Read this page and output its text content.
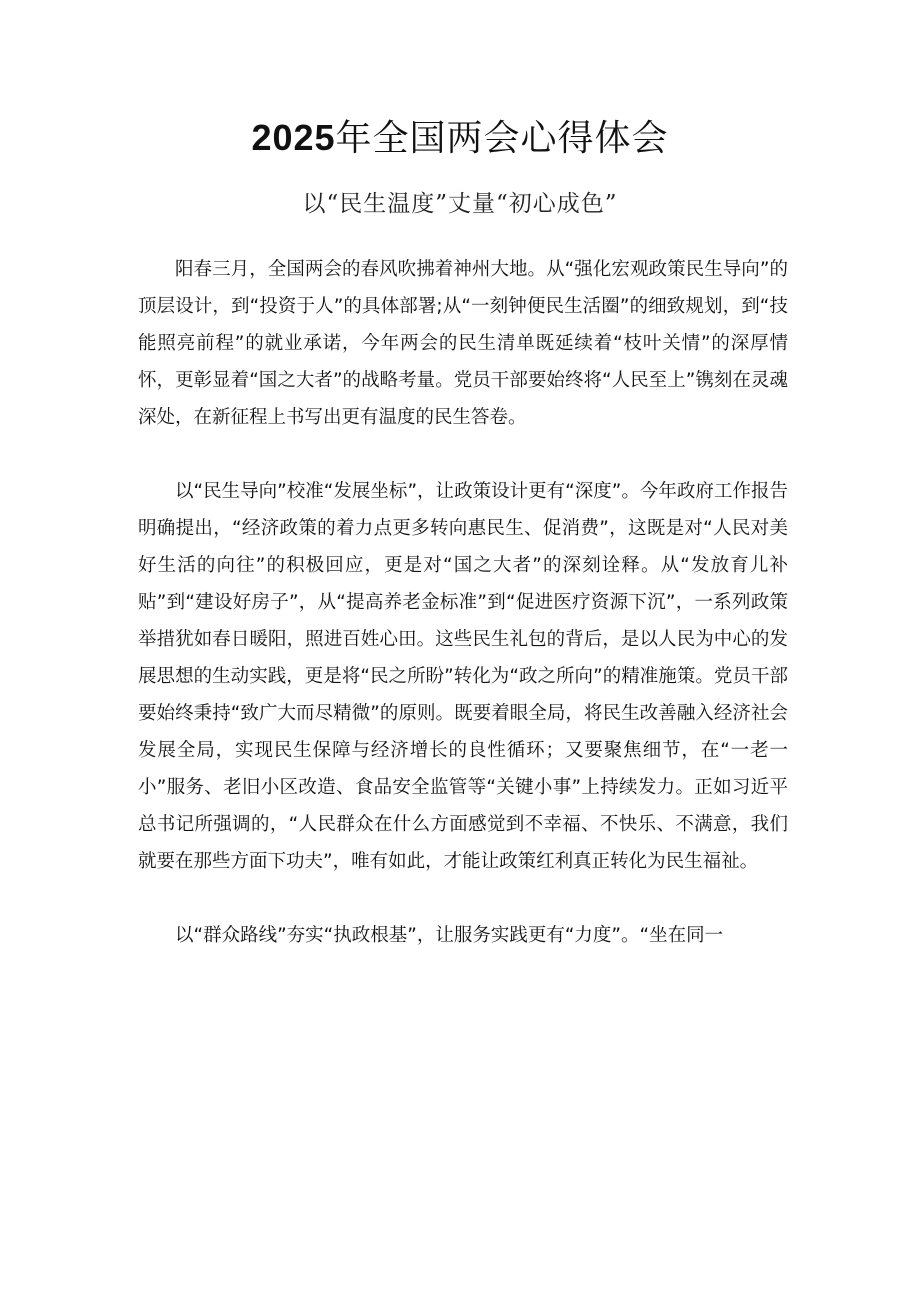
2025年全国两会心得体会
以“民生温度”丈量“初心成色”

阳春三月，全国两会的春风吹拂着神州大地。从“强化宏观政策民生导向”的顶层设计，到“投资于人”的具体部署;从“一刻钟便民生活圈”的细致规划，到“技能照亮前程”的就业承诺，今年两会的民生清单既延续着“枝叶关情”的深厚情怀，更彰显着“国之大者”的战略考量。党员干部要始终将“人民至上”镌刻在灵魂深处，在新征程上书写出更有温度的民生答卷。

以“民生导向”校准“发展坐标”，让政策设计更有“深度”。今年政府工作报告明确提出，“经济政策的着力点更多转向惠民生、促消费”，这既是对“人民对美好生活的向往”的积极回应，更是对“国之大者”的深刻诠释。从“发放育儿补贴”到“建设好房子”，从“提高养老金标准”到“促进医疗资源下沉”，一系列政策举措犹如春日暖阳，照进百姓心田。这些民生礼包的背后，是以人民为中心的发展思想的生动实践，更是将“民之所盼”转化为“政之所向”的精准施策。党员干部要始终秉持“致广大而尽精微”的原则。既要着眼全局，将民生改善融入经济社会发展全局，实现民生保障与经济增长的良性循环；又要聚焦细节，在“一老一小”服务、老旧小区改造、食品安全监管等“关键小事”上持续发力。正如习近平总书记所强调的，“人民群众在什么方面感觉到不幸福、不快乐、不满意，我们就要在那些方面下功夫”，唯有如此，才能让政策红利真正转化为民生福祉。

以“群众路线”夯实“执政根基”，让服务实践更有“力度”。“坐在同一
